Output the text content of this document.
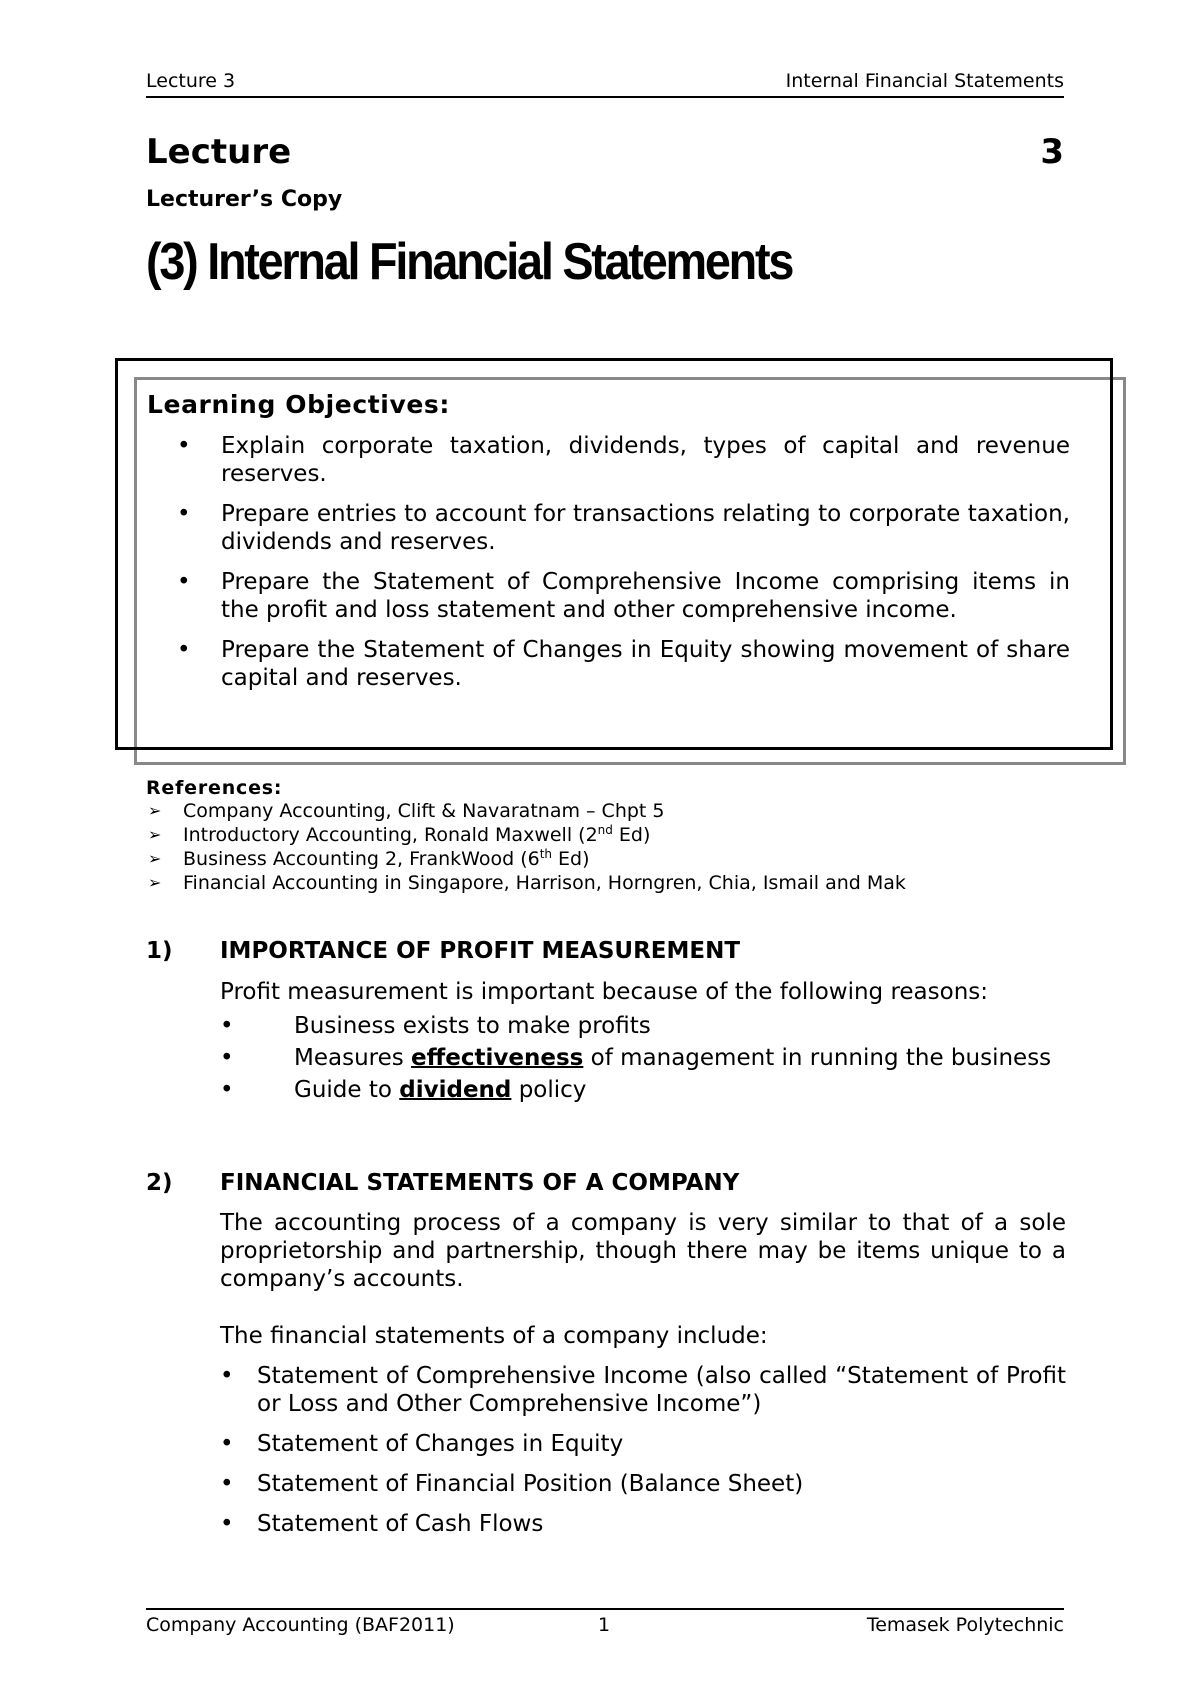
Lecture 3	Internal Financial Statements
Lecture	3
Lecturer’s Copy
(3) Internal Financial Statements
Learning Objectives:
• Explain corporate taxation, dividends, types of capital and revenue reserves.
• Prepare entries to account for transactions relating to corporate taxation, dividends and reserves.
• Prepare the Statement of Comprehensive Income comprising items in the profit and loss statement and other comprehensive income.
• Prepare the Statement of Changes in Equity showing movement of share capital and reserves.
References:
➢ Company Accounting, Clift & Navaratnam – Chpt 5
➢ Introductory Accounting, Ronald Maxwell (2nd Ed)
➢ Business Accounting 2, FrankWood (6th Ed)
➢ Financial Accounting in Singapore, Harrison, Horngren, Chia, Ismail and Mak
1) IMPORTANCE OF PROFIT MEASUREMENT
Profit measurement is important because of the following reasons:
•	Business exists to make profits
•	Measures effectiveness of management in running the business
•	Guide to dividend policy
2) FINANCIAL STATEMENTS OF A COMPANY
The accounting process of a company is very similar to that of a sole proprietorship and partnership, though there may be items unique to a company’s accounts.
The financial statements of a company include:
• Statement of Comprehensive Income (also called “Statement of Profit or Loss and Other Comprehensive Income”)
• Statement of Changes in Equity
• Statement of Financial Position (Balance Sheet)
• Statement of Cash Flows
Company Accounting (BAF2011)	1	Temasek Polytechnic
